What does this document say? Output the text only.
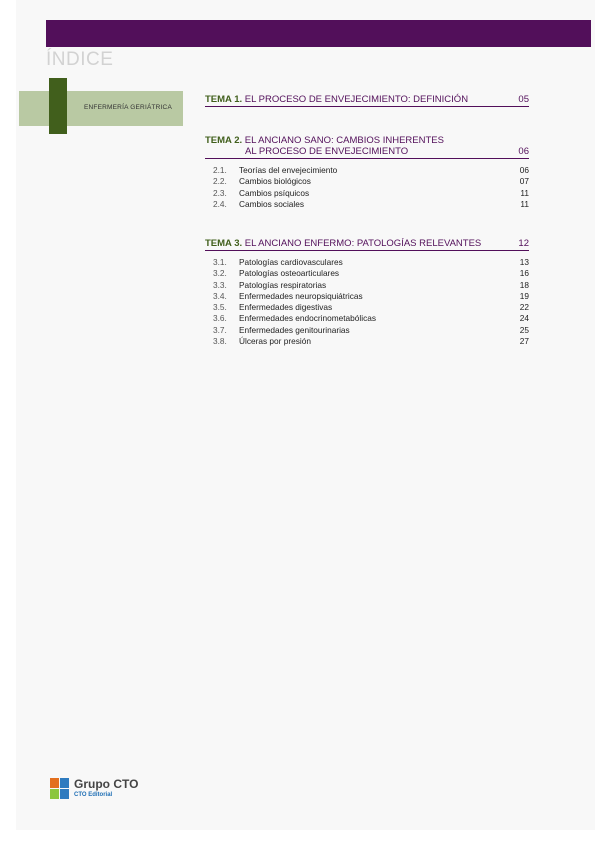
ÍNDICE
ENFERMERÍA GERIÁTRICA
TEMA 1. EL PROCESO DE ENVEJECIMIENTO: DEFINICIÓN	05
TEMA 2. EL ANCIANO SANO: CAMBIOS INHERENTES
AL PROCESO DE ENVEJECIMIENTO	06
2.1. Teorías del envejecimiento	06
2.2. Cambios biológicos	07
2.3. Cambios psíquicos	11
2.4. Cambios sociales	11
TEMA 3. EL ANCIANO ENFERMO: PATOLOGÍAS RELEVANTES	12
3.1. Patologías cardiovasculares	13
3.2. Patologías osteoarticulares	16
3.3. Patologías respiratorias	18
3.4. Enfermedades neuropsiquiátricas	19
3.5. Enfermedades digestivas	22
3.6. Enfermedades endocrinometabólicas	24
3.7. Enfermedades genitourinarias	25
3.8. Úlceras por presión	27
Grupo CTO
CTO Editorial
